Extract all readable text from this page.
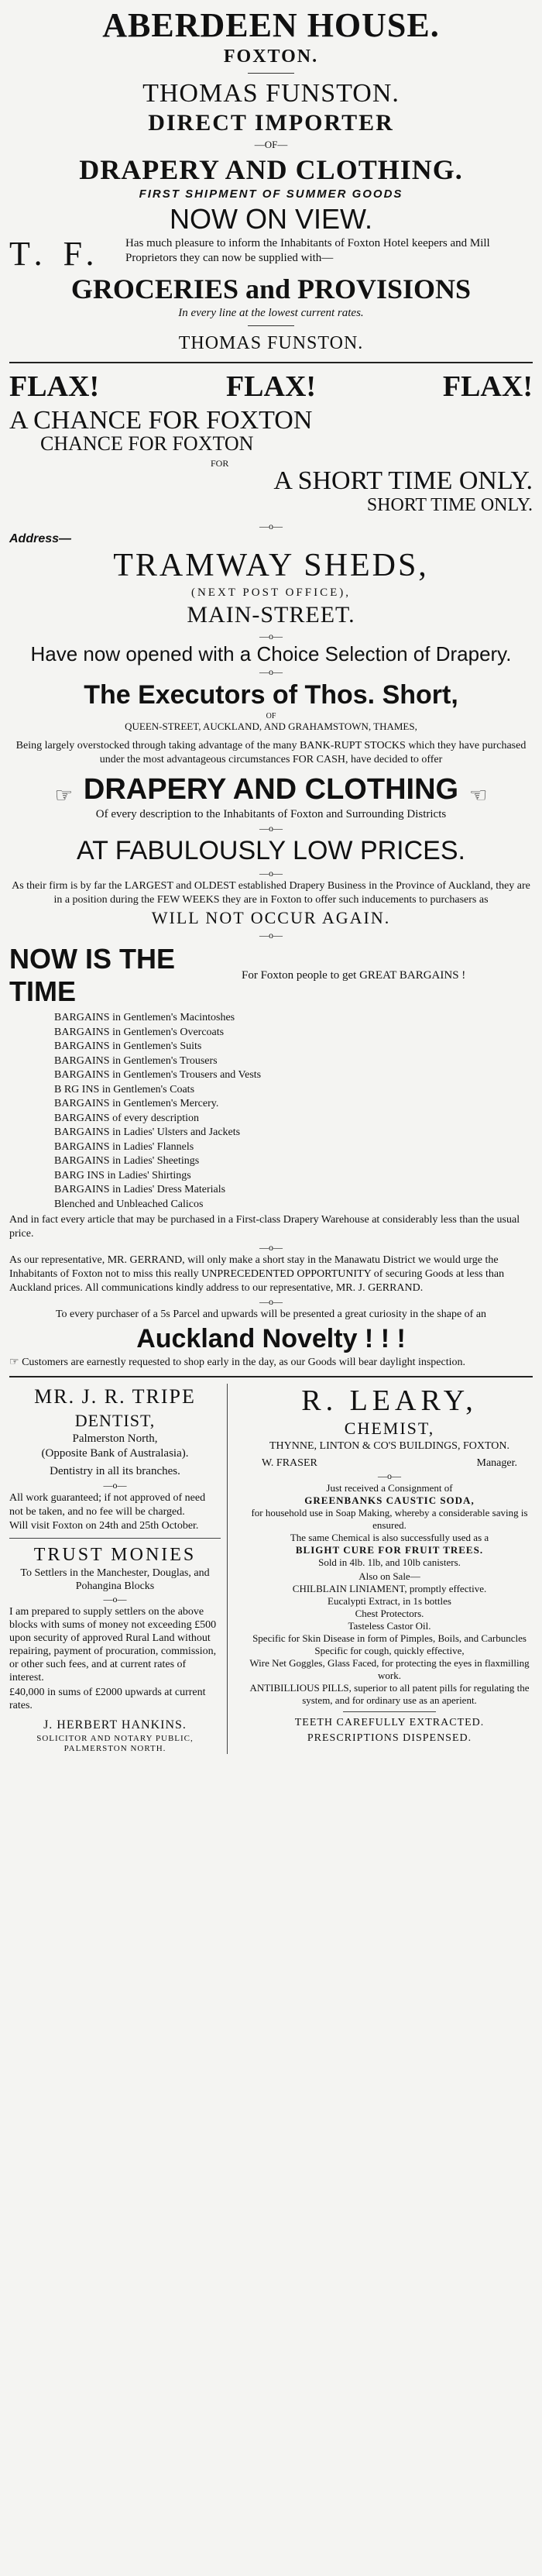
ABERDEEN HOUSE.
FOXTON.
THOMAS FUNSTON.
DIRECT IMPORTER
—OF—
DRAPERY AND CLOTHING.
FIRST SHIPMENT OF SUMMER GOODS
NOW ON VIEW.
T. F.	Has much pleasure to inform the Inhabitants of Foxton Hotel keepers and Mill Proprietors they can now be supplied with—
GROCERIES and PROVISIONS
In every line at the lowest current rates.
THOMAS FUNSTON.
FLAX!	FLAX!	FLAX!
A CHANCE FOR FOXTON
CHANCE FOR FOXTON
FOR
A SHORT TIME ONLY.
SHORT TIME ONLY.
—o—
Address—
TRAMWAY SHEDS,
(NEXT POST OFFICE),
MAIN-STREET.
—o—
Have now opened with a Choice Selection of Drapery.
—o—
The Executors of Thos. Short,
OF
QUEEN-STREET, AUCKLAND, AND GRAHAMSTOWN, THAMES,
Being largely overstocked through taking advantage of the many BANK-RUPT STOCKS which they have purchased under the most advantageous circumstances FOR CASH, have decided to offer
☞ DRAPERY AND CLOTHING ☜
Of every description to the Inhabitants of Foxton and Surrounding Districts
—o—
AT FABULOUSLY LOW PRICES.
—o—
As their firm is by far the LARGEST and OLDEST established Drapery Business in the Province of Auckland, they are in a position during the FEW WEEKS they are in Foxton to offer such inducements to purchasers as
WILL NOT OCCUR AGAIN.
—o—
NOW IS THE TIME
For Foxton people to get GREAT BARGAINS !
BARGAINS in Gentlemen's Macintoshes
BARGAINS in Gentlemen's Overcoats
BARGAINS in Gentlemen's Suits
BARGAINS in Gentlemen's Trousers
BARGAINS in Gentlemen's Trousers and Vests
B RG INS in Gentlemen's Coats
BARGAINS in Gentlemen's Mercery.
BARGAINS of every description
BARGAINS in Ladies' Ulsters and Jackets
BARGAINS in Ladies' Flannels
BARGAINS in Ladies' Sheetings
BARG INS in Ladies' Shirtings
BARGAINS in Ladies' Dress Materials
Blenched and Unbleached Calicos
And in fact every article that may be purchased in a First-class Drapery Warehouse at considerably less than the usual price.
—o—
As our representative, MR. GERRAND, will only make a short stay in the Manawatu District we would urge the Inhabitants of Foxton not to miss this really UNPRECEDENTED OPPORTUNITY of securing Goods at less than Auckland prices. All communications kindly address to our representative, MR. J. GERRAND.
—o—
To every purchaser of a 5s Parcel and upwards will be presented a great curiosity in the shape of an
Auckland Novelty ! ! !
☞ Customers are earnestly requested to shop early in the day, as our Goods will bear daylight inspection.
MR. J. R. TRIPE
DENTIST,
Palmerston North,
(Opposite Bank of Australasia).
Dentistry in all its branches.
—o—
All work guaranteed; if not approved of need not be taken, and no fee will be charged.
Will visit Foxton on 24th and 25th October.
TRUST MONIES
To Settlers in the Manchester, Douglas, and Pohangina Blocks
—o—
I am prepared to supply settlers on the above blocks with sums of money not exceeding £500 upon security of approved Rural Land without repairing, payment of procuration, commission, or other such fees, and at current rates of interest.
£40,000 in sums of £2000 upwards at current rates.
J. HERBERT HANKINS.
SOLICITOR AND NOTARY PUBLIC,
PALMERSTON NORTH.
R. LEARY,
CHEMIST,
THYNNE, LINTON & CO'S BUILDINGS, FOXTON.
W. FRASER	Manager.
—o—
Just received a Consignment of
GREENBANKS CAUSTIC SODA,
for household use in Soap Making, whereby a considerable saving is ensured.
The same Chemical is also successfully used as a
BLIGHT CURE FOR FRUIT TREES.
Sold in 4lb. 1lb, and 10lb canisters.
Also on Sale—
CHILBLAIN LINIAMENT, promptly effective.
Eucalypti Extract, in 1s bottles
Chest Protectors.
Tasteless Castor Oil.
Specific for Skin Disease in form of Pimples, Boils, and Carbuncles
Specific for cough, quickly effective,
Wire Net Goggles, Glass Faced, for protecting the eyes in flaxmilling work.
ANTIBILLIOUS PILLS, superior to all patent pills for regulating the system, and for ordinary use as an aperient.
TEETH CAREFULLY EXTRACTED.
PRESCRIPTIONS DISPENSED.
